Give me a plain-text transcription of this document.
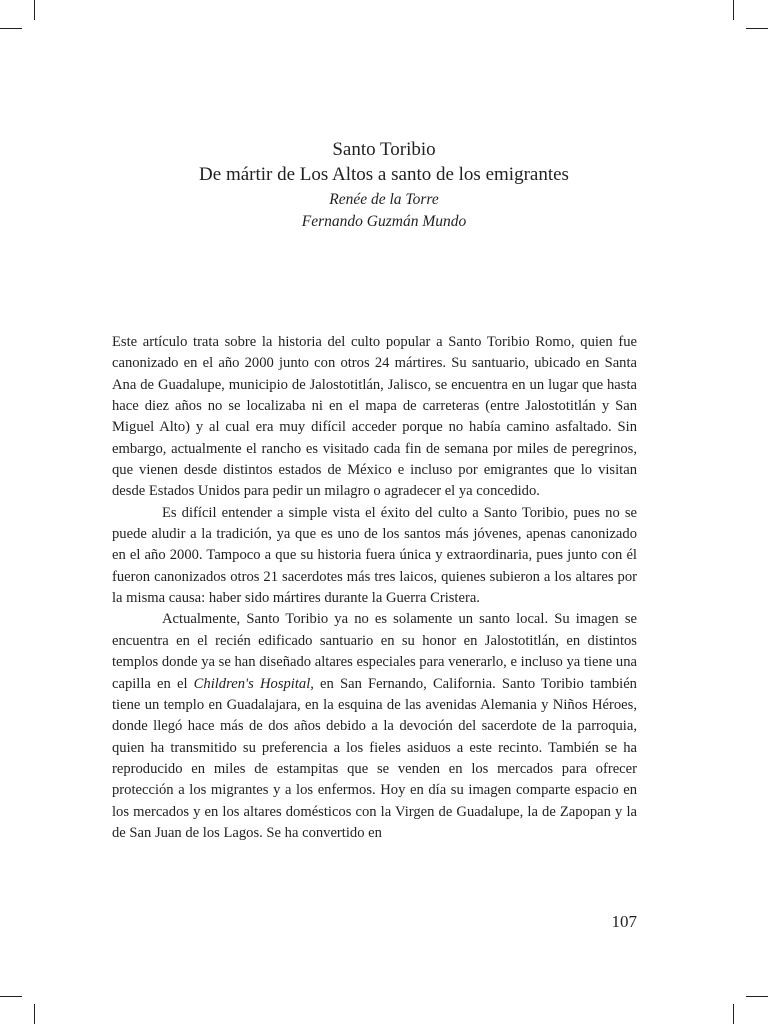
Santo Toribio
De mártir de Los Altos a santo de los emigrantes

Renée de la Torre

Fernando Guzmán Mundo

Este artículo trata sobre la historia del culto popular a Santo Toribio Romo, quien fue canonizado en el año 2000 junto con otros 24 mártires. Su santuario, ubicado en Santa Ana de Guadalupe, municipio de Jalostotitlán, Jalisco, se encuentra en un lugar que hasta hace diez años no se localizaba ni en el mapa de carreteras (entre Jalostotitlán y San Miguel Alto) y al cual era muy difícil acceder porque no había camino asfaltado. Sin embargo, actualmente el rancho es visitado cada fin de semana por miles de peregrinos, que vienen desde distintos estados de México e incluso por emigrantes que lo visitan desde Estados Unidos para pedir un milagro o agradecer el ya concedido.

Es difícil entender a simple vista el éxito del culto a Santo Toribio, pues no se puede aludir a la tradición, ya que es uno de los santos más jóvenes, apenas canonizado en el año 2000. Tampoco a que su historia fuera única y extraordinaria, pues junto con él fueron canonizados otros 21 sacerdotes más tres laicos, quienes subieron a los altares por la misma causa: haber sido mártires durante la Guerra Cristera.

Actualmente, Santo Toribio ya no es solamente un santo local. Su imagen se encuentra en el recién edificado santuario en su honor en Jalostotitlán, en distintos templos donde ya se han diseñado altares especiales para venerarlo, e incluso ya tiene una capilla en el Children's Hospital, en San Fernando, California. Santo Toribio también tiene un templo en Guadalajara, en la esquina de las avenidas Alemania y Niños Héroes, donde llegó hace más de dos años debido a la devoción del sacerdote de la parroquia, quien ha transmitido su preferencia a los fieles asiduos a este recinto. También se ha reproducido en miles de estampitas que se venden en los mercados para ofrecer protección a los migrantes y a los enfermos. Hoy en día su imagen comparte espacio en los mercados y en los altares domésticos con la Virgen de Guadalupe, la de Zapopan y la de San Juan de los Lagos. Se ha convertido en

107
